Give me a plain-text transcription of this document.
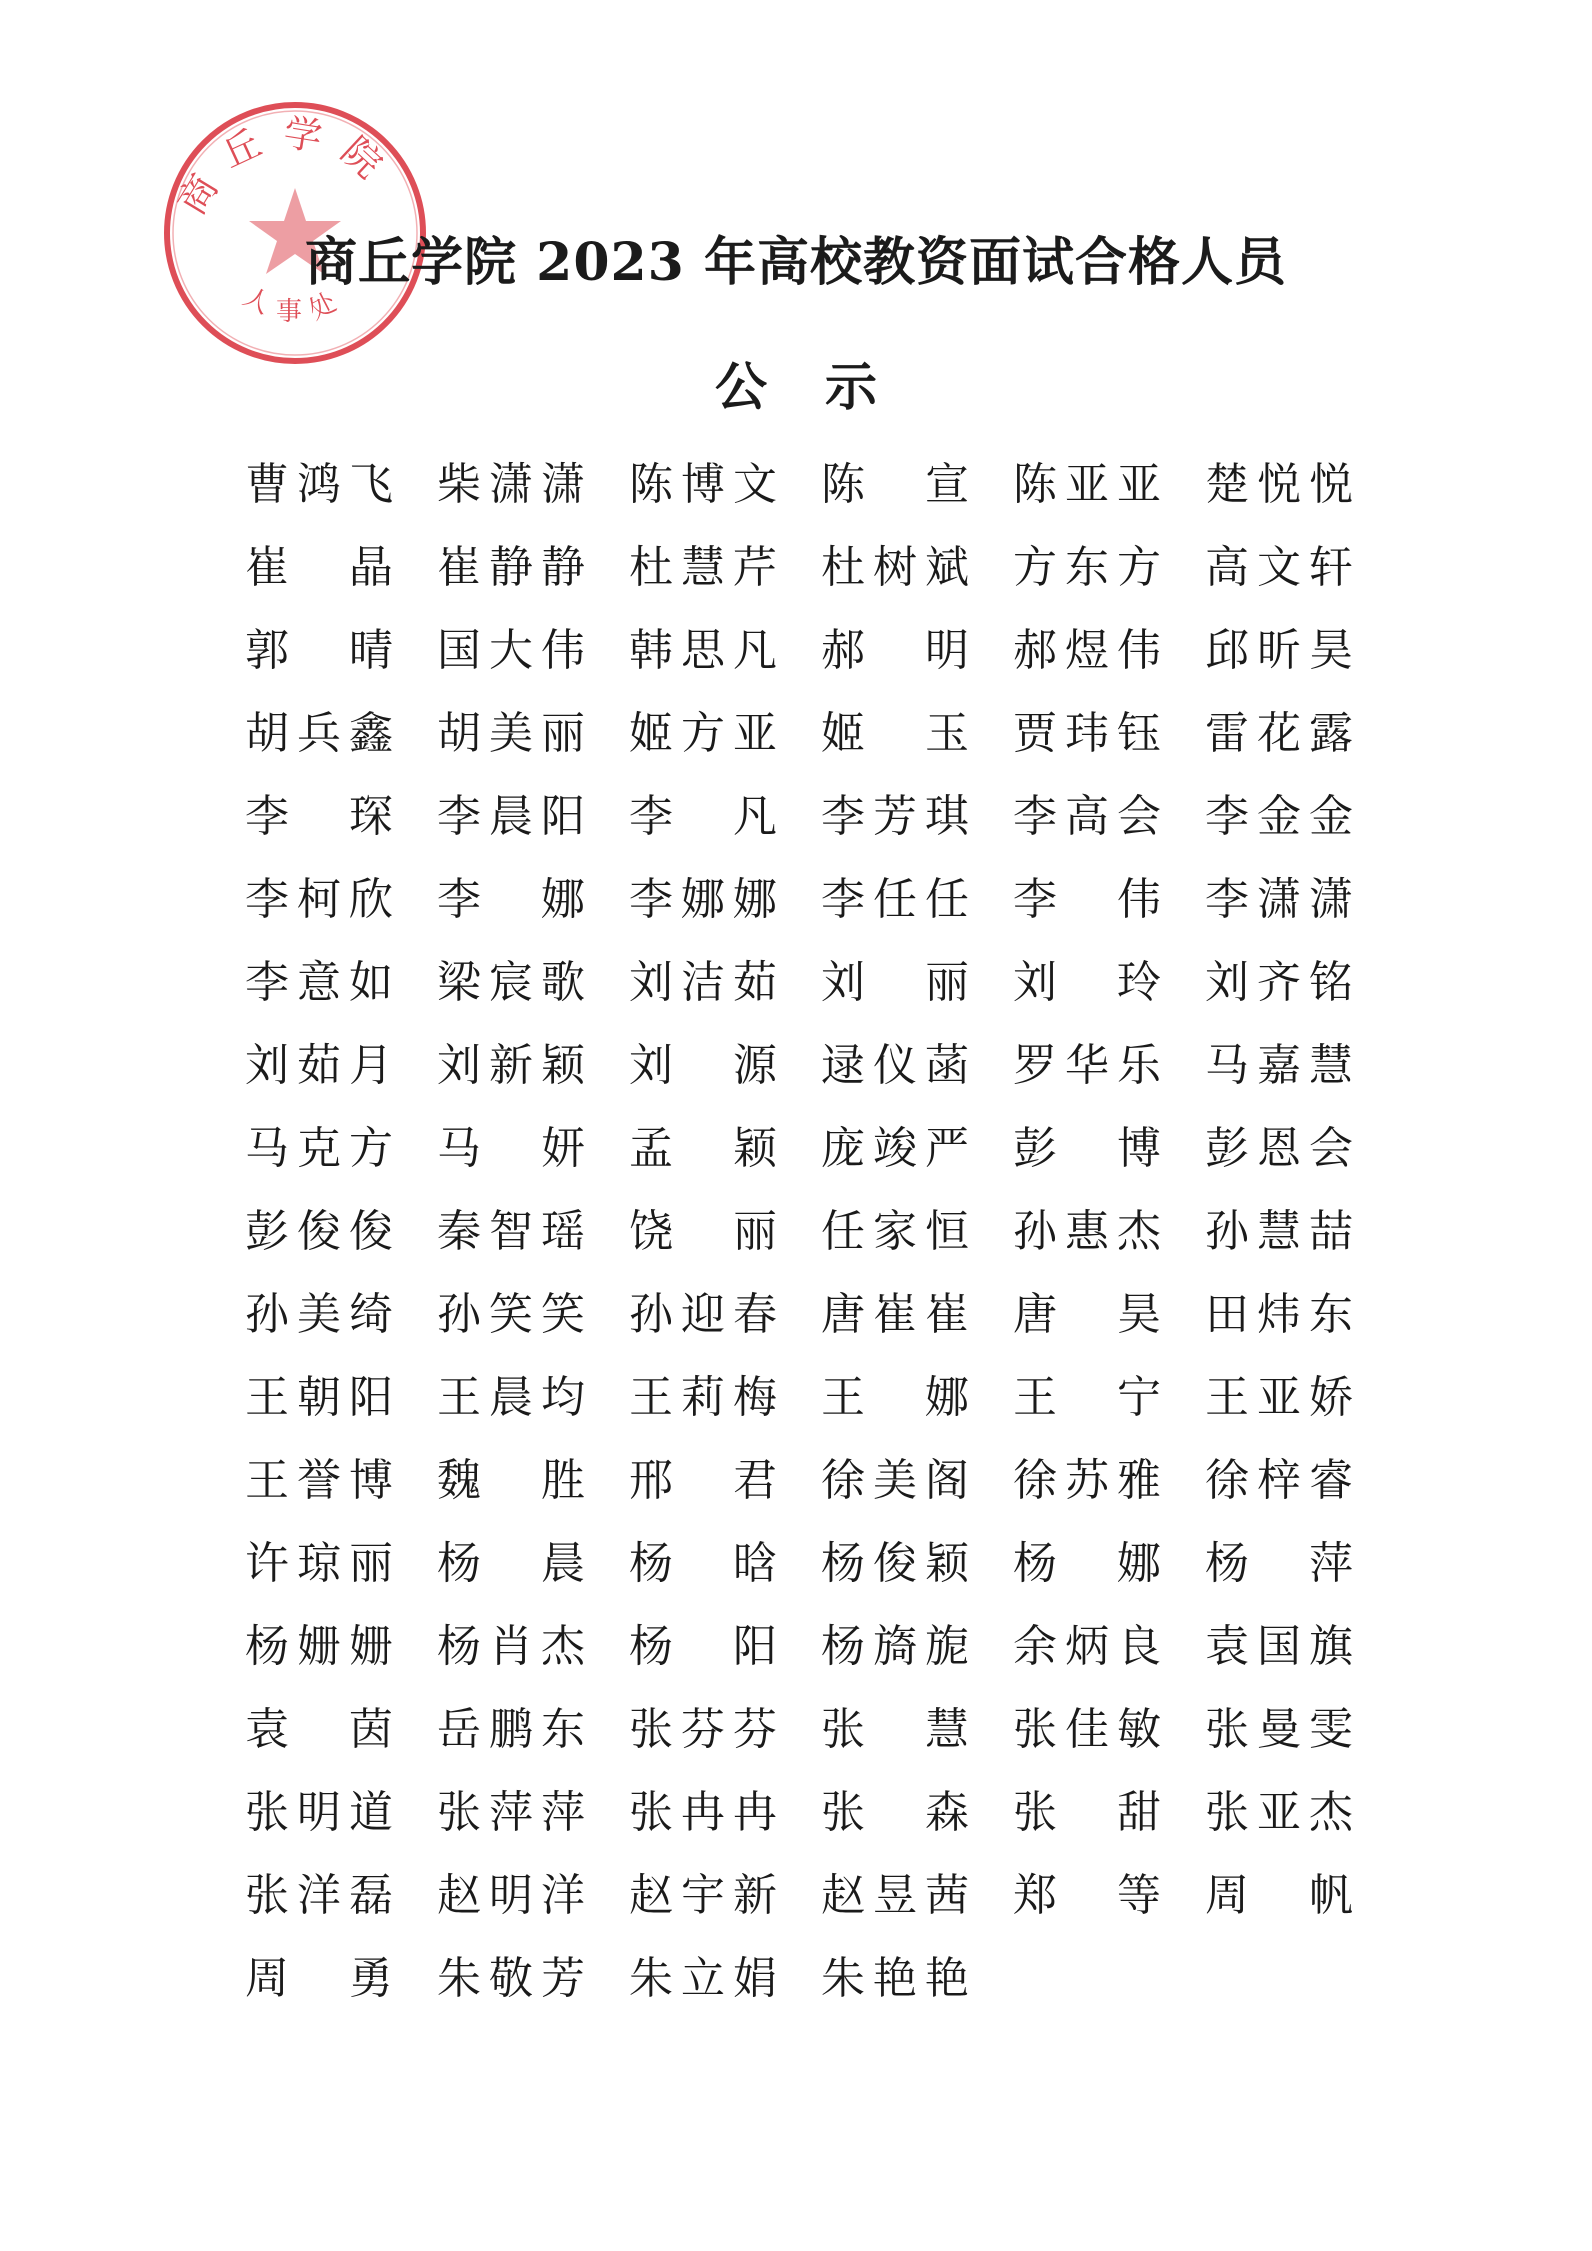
商丘学院
人事处
商丘学院 2023 年高校教资面试合格人员
公示
曹 鸿 飞 柴 潇 潇 陈 博 文 陈 宣 陈 亚 亚 楚 悦 悦
崔 晶 崔 静 静 杜 慧 芹 杜 树 斌 方 东 方 高 文 轩
郭 晴 国 大 伟 韩 思 凡 郝 明 郝 煜 伟 邱 昕 昊
胡 兵 鑫 胡 美 丽 姬 方 亚 姬 玉 贾 玮 钰 雷 花 露
李 琛 李 晨 阳 李 凡 李 芳 琪 李 高 会 李 金 金
李 柯 欣 李 娜 李 娜 娜 李 任 任 李 伟 李 潇 潇
李 意 如 梁 宸 歌 刘 洁 茹 刘 丽 刘 玲 刘 齐 铭
刘 茹 月 刘 新 颖 刘 源 逯 仪 菡 罗 华 乐 马 嘉 慧
马 克 方 马 妍 孟 颖 庞 竣 严 彭 博 彭 恩 会
彭 俊 俊 秦 智 瑶 饶 丽 任 家 恒 孙 惠 杰 孙 慧 喆
孙 美 绮 孙 笑 笑 孙 迎 春 唐 崔 崔 唐 昊 田 炜 东
王 朝 阳 王 晨 均 王 莉 梅 王 娜 王 宁 王 亚 娇
王 誉 博 魏 胜 邢 君 徐 美 阁 徐 苏 雅 徐 梓 睿
许 琼 丽 杨 晨 杨 晗 杨 俊 颖 杨 娜 杨 萍
杨 姗 姗 杨 肖 杰 杨 阳 杨 旖 旎 余 炳 良 袁 国 旗
袁 茵 岳 鹏 东 张 芬 芬 张 慧 张 佳 敏 张 曼 雯
张 明 道 张 萍 萍 张 冉 冉 张 森 张 甜 张 亚 杰
张 洋 磊 赵 明 洋 赵 宇 新 赵 昱 茜 郑 等 周 帆
周 勇 朱 敬 芳 朱 立 娟 朱 艳 艳
